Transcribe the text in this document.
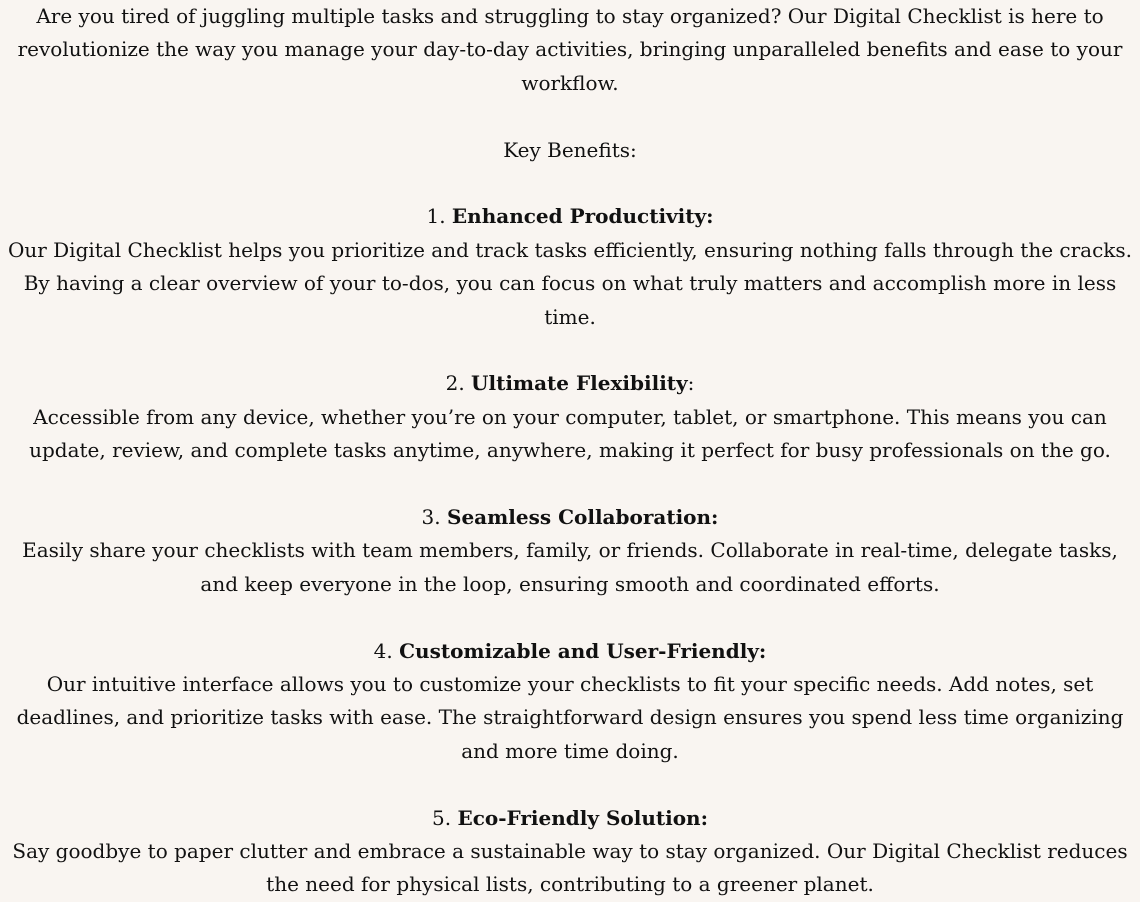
Are you tired of juggling multiple tasks and struggling to stay organized? Our Digital Checklist is here to revolutionize the way you manage your day-to-day activities, bringing unparalleled benefits and ease to your workflow.

Key Benefits:

1. Enhanced Productivity:

Our Digital Checklist helps you prioritize and track tasks efficiently, ensuring nothing falls through the cracks. By having a clear overview of your to-dos, you can focus on what truly matters and accomplish more in less time.

2. Ultimate Flexibility:

Accessible from any device, whether you’re on your computer, tablet, or smartphone. This means you can update, review, and complete tasks anytime, anywhere, making it perfect for busy professionals on the go.

3. Seamless Collaboration:

Easily share your checklists with team members, family, or friends. Collaborate in real-time, delegate tasks, and keep everyone in the loop, ensuring smooth and coordinated efforts.

4. Customizable and User-Friendly:

Our intuitive interface allows you to customize your checklists to fit your specific needs. Add notes, set deadlines, and prioritize tasks with ease. The straightforward design ensures you spend less time organizing and more time doing.

5. Eco-Friendly Solution:

Say goodbye to paper clutter and embrace a sustainable way to stay organized. Our Digital Checklist reduces the need for physical lists, contributing to a greener planet.
